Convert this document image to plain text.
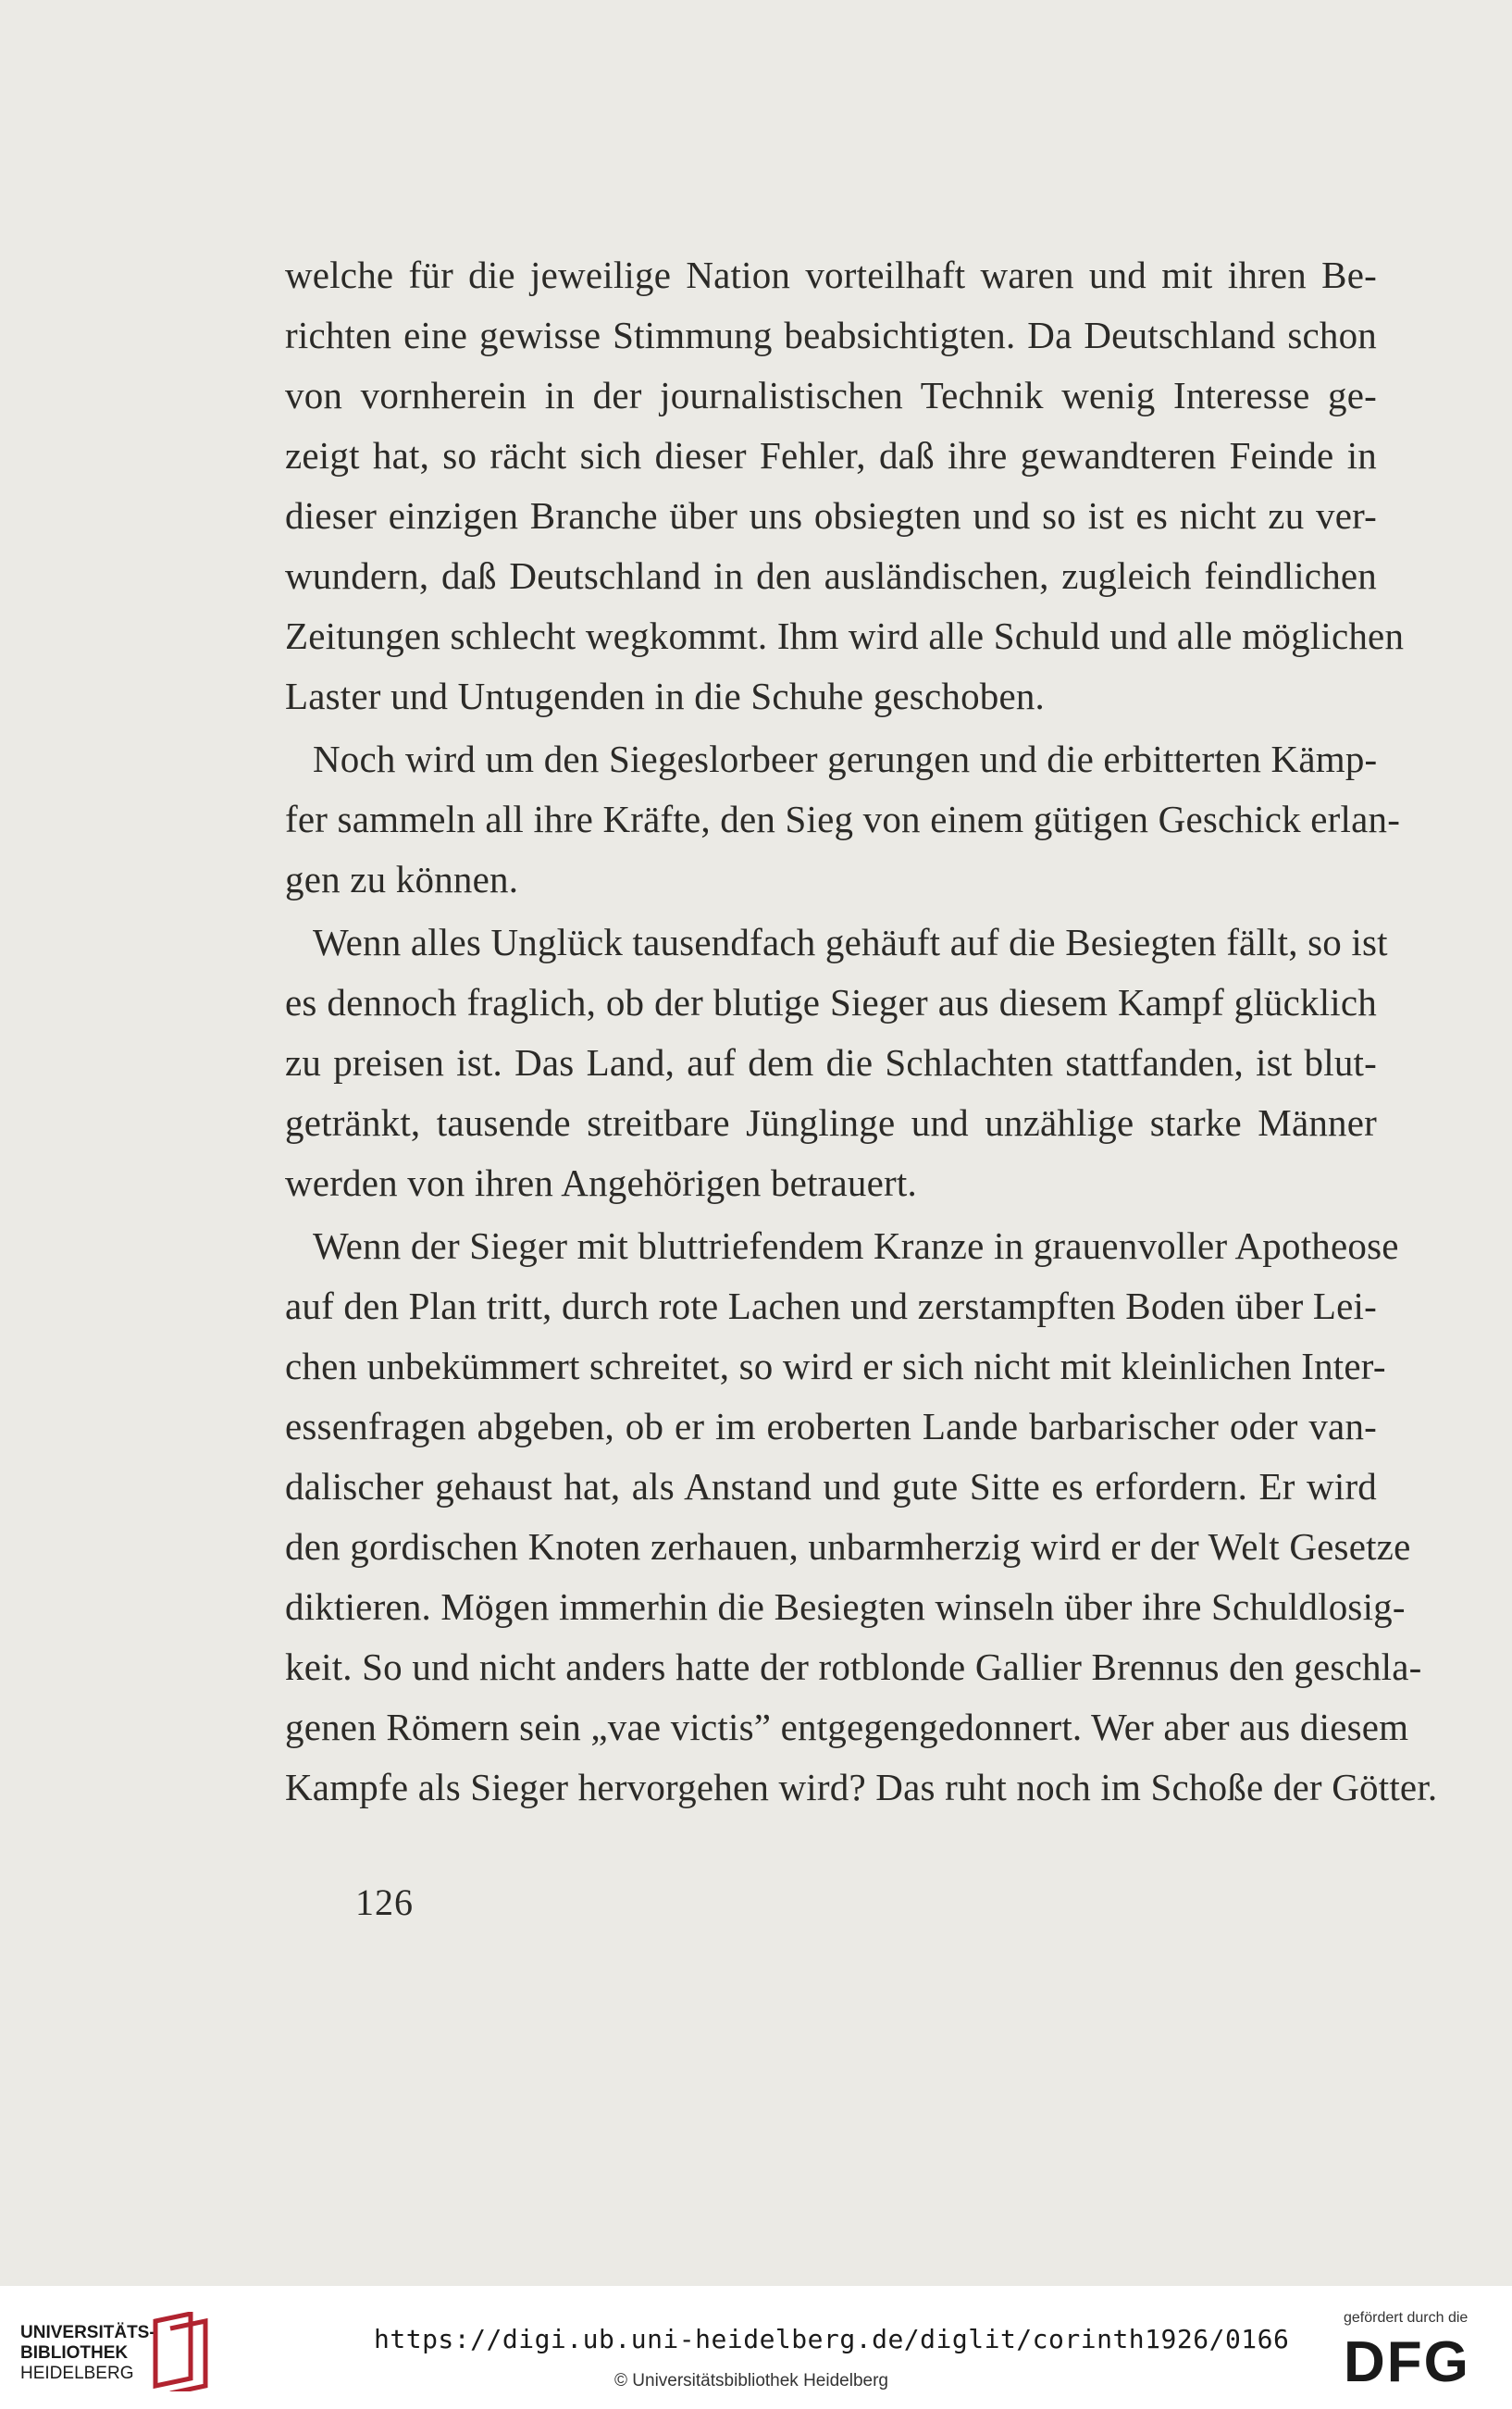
welche für die jeweilige Nation vorteilhaft waren und mit ihren Be-
richten eine gewisse Stimmung beabsichtigten. Da Deutschland schon
von vornherein in der journalistischen Technik wenig Interesse ge-
zeigt hat, so rächt sich dieser Fehler, daß ihre gewandteren Feinde in
dieser einzigen Branche über uns obsiegten und so ist es nicht zu ver-
wundern, daß Deutschland in den ausländischen, zugleich feindlichen
Zeitungen schlecht wegkommt. Ihm wird alle Schuld und alle möglichen
Laster und Untugenden in die Schuhe geschoben.
Noch wird um den Siegeslorbeer gerungen und die erbitterten Kämp-
fer sammeln all ihre Kräfte, den Sieg von einem gütigen Geschick erlan-
gen zu können.
Wenn alles Unglück tausendfach gehäuft auf die Besiegten fällt, so ist
es dennoch fraglich, ob der blutige Sieger aus diesem Kampf glücklich
zu preisen ist. Das Land, auf dem die Schlachten stattfanden, ist blut-
getränkt, tausende streitbare Jünglinge und unzählige starke Männer
werden von ihren Angehörigen betrauert.
Wenn der Sieger mit bluttriefendem Kranze in grauenvoller Apotheose
auf den Plan tritt, durch rote Lachen und zerstampften Boden über Lei-
chen unbekümmert schreitet, so wird er sich nicht mit kleinlichen Inter-
essenfragen abgeben, ob er im eroberten Lande barbarischer oder van-
dalischer gehaust hat, als Anstand und gute Sitte es erfordern. Er wird
den gordischen Knoten zerhauen, unbarmherzig wird er der Welt Gesetze
diktieren. Mögen immerhin die Besiegten winseln über ihre Schuldlosig-
keit. So und nicht anders hatte der rotblonde Gallier Brennus den geschla-
genen Römern sein „vae victis” entgegengedonnert. Wer aber aus diesem
Kampfe als Sieger hervorgehen wird? Das ruht noch im Schoße der Götter.
126
UNIVERSITÄTS-
BIBLIOTHEK
HEIDELBERG
https://digi.ub.uni-heidelberg.de/diglit/corinth1926/0166
© Universitätsbibliothek Heidelberg
gefördert durch die
DFG
